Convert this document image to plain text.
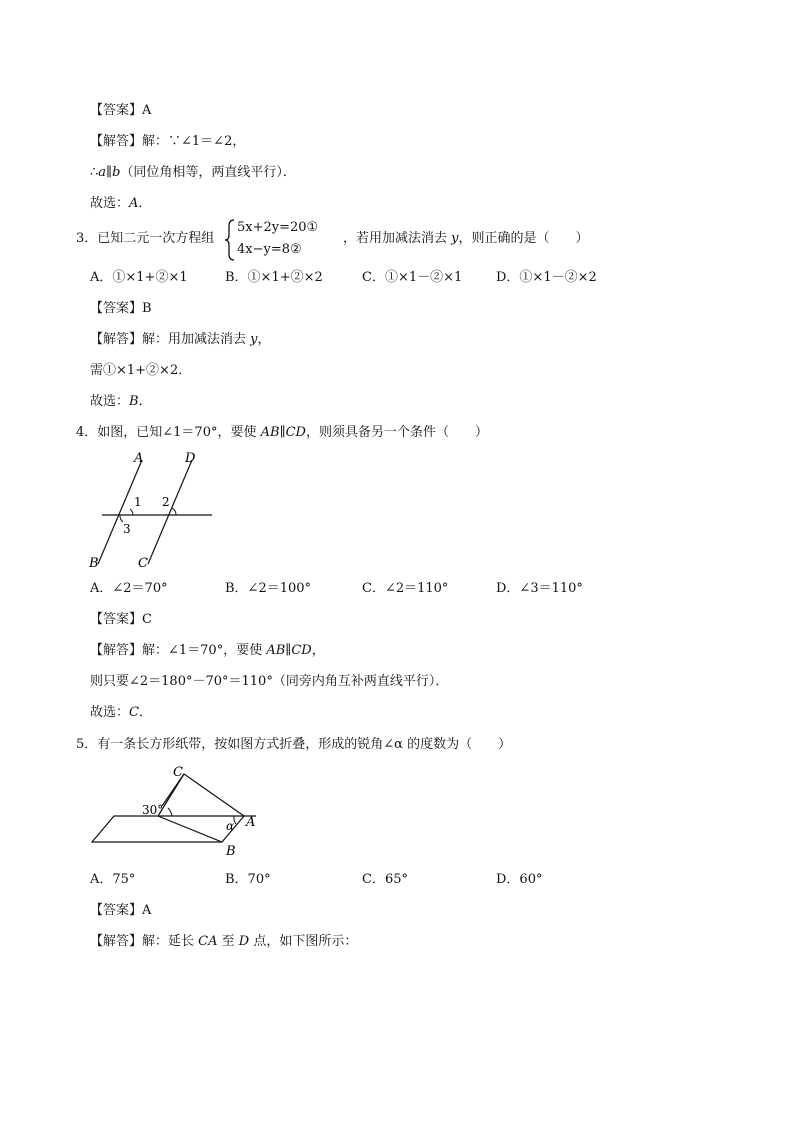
【答案】A
【解答】解：∵∠1＝∠2，
∴a∥b（同位角相等，两直线平行）．
故选：A．
3．已知二元一次方程组
5x+2y=20①
4x−y=8②
，若用加减法消去 y，则正确的是（　　）
A．①×1+②×1	B．①×1+②×2	C．①×1－②×1	D．①×1－②×2
【答案】B
【解答】解：用加减法消去 y，
需①×1+②×2．
故选：B．
4．如图，已知∠1＝70°，要使 AB∥CD，则须具备另一个条件（　　）
A	D
1 2
3
B	C
A．∠2＝70°	B．∠2＝100°	C．∠2＝110°	D．∠3＝110°
【答案】C
【解答】解：∠1＝70°，要使 AB∥CD，
则只要∠2＝180°－70°＝110°（同旁内角互补两直线平行）．
故选：C．
5．有一条长方形纸带，按如图方式折叠，形成的锐角∠α 的度数为（　　）
C
30°
α A
B
A．75°	B．70°	C．65°	D．60°
【答案】A
【解答】解：延长 CA 至 D 点，如下图所示：
